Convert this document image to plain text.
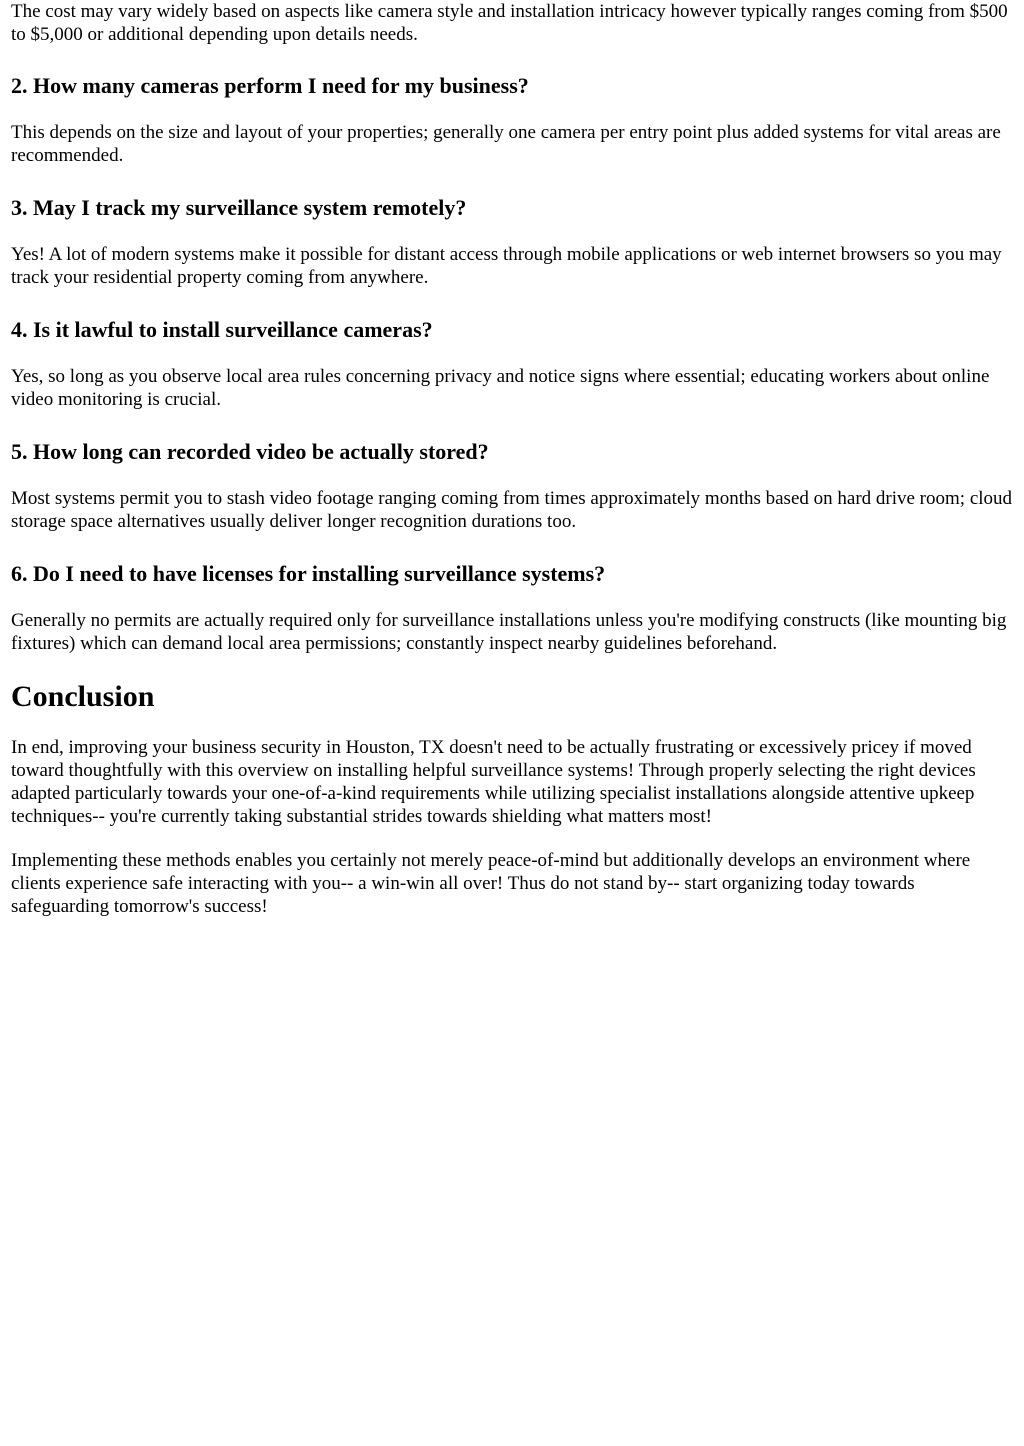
The cost may vary widely based on aspects like camera style and installation intricacy however typically ranges coming from $500 to $5,000 or additional depending upon details needs.

2. How many cameras perform I need for my business?

This depends on the size and layout of your properties; generally one camera per entry point plus added systems for vital areas are recommended.

3. May I track my surveillance system remotely?

Yes! A lot of modern systems make it possible for distant access through mobile applications or web internet browsers so you may track your residential property coming from anywhere.

4. Is it lawful to install surveillance cameras?

Yes, so long as you observe local area rules concerning privacy and notice signs where essential; educating workers about online video monitoring is crucial.

5. How long can recorded video be actually stored?

Most systems permit you to stash video footage ranging coming from times approximately months based on hard drive room; cloud storage space alternatives usually deliver longer recognition durations too.

6. Do I need to have licenses for installing surveillance systems?

Generally no permits are actually required only for surveillance installations unless you're modifying constructs (like mounting big fixtures) which can demand local area permissions; constantly inspect nearby guidelines beforehand.

Conclusion

In end, improving your business security in Houston, TX doesn't need to be actually frustrating or excessively pricey if moved toward thoughtfully with this overview on installing helpful surveillance systems! Through properly selecting the right devices adapted particularly towards your one-of-a-kind requirements while utilizing specialist installations alongside attentive upkeep techniques-- you're currently taking substantial strides towards shielding what matters most!

Implementing these methods enables you certainly not merely peace-of-mind but additionally develops an environment where clients experience safe interacting with you-- a win-win all over! Thus do not stand by-- start organizing today towards safeguarding tomorrow's success!
